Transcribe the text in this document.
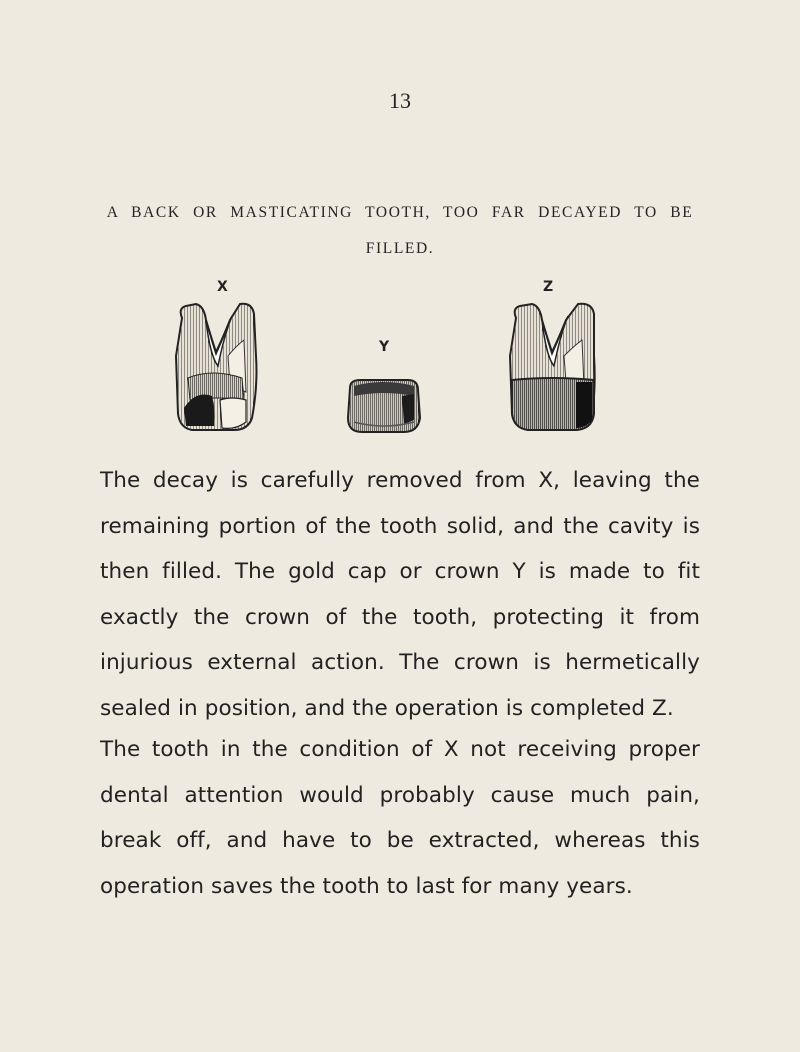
13
A BACK OR MASTICATING TOOTH, TOO FAR DECAYED TO BE
FILLED.
X
Y
Z

The decay is carefully removed from X, leaving the remaining portion of the tooth solid, and the cavity is then filled. The gold cap or crown Y is made to fit exactly the crown of the tooth, protecting it from injurious external action. The crown is hermetically sealed in position, and the operation is completed Z.

The tooth in the condition of X not receiving proper dental attention would probably cause much pain, break off, and have to be extracted, whereas this operation saves the tooth to last for many years.
